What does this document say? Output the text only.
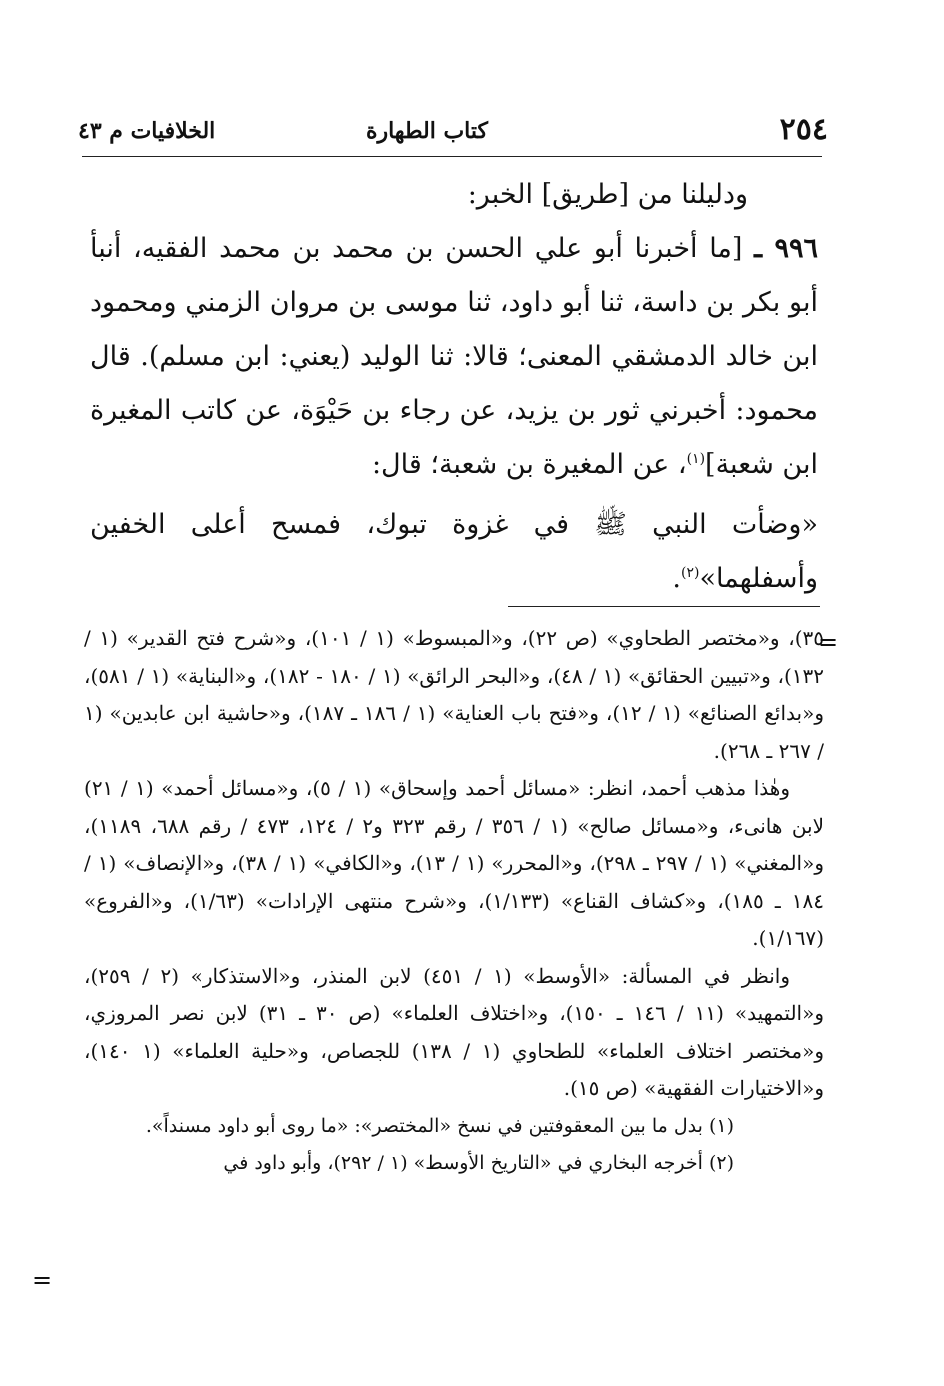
٢٥٤
كتاب الطهارة
الخلافيات م ٤٣

ودليلنا من [طريق] الخبر:

٩٩٦ ـ [ما أخبرنا أبو علي الحسن بن محمد بن محمد الفقيه، أنبأ أبو بكر بن داسة، ثنا أبو داود، ثنا موسى بن مروان الزمني ومحمود ابن خالد الدمشقي المعنى؛ قالا: ثنا الوليد (يعني: ابن مسلم). قال محمود: أخبرني ثور بن يزيد، عن رجاء بن حَيْوَة، عن كاتب المغيرة ابن شعبة]$^{(١)}$، عن المغيرة بن شعبة؛ قال:

«وضأت النبي ﷺ في غزوة تبوك، فمسح أعلى الخفين وأسفلهما»$^{(٢)}$.

=

٣٥)، و«مختصر الطحاوي» (ص ٢٢)، و«المبسوط» (١ / ١٠١)، و«شرح فتح القدير» (١ / ١٣٢)، و«تبيين الحقائق» (١ / ٤٨)، و«البحر الرائق» (١ / ١٨٠ - ١٨٢)، و«البناية» (١ / ٥٨١)، و«بدائع الصنائع» (١ / ١٢)، و«فتح باب العناية» (١ / ١٨٦ ـ ١٨٧)، و«حاشية ابن عابدين» (١ / ٢٦٧ ـ ٢٦٨).

وهٰذا مذهب أحمد، انظر: «مسائل أحمد وإسحاق» (١ / ٥)، و«مسائل أحمد» (١ / ٢١) لابن هانىء، و«مسائل صالح» (١ / ٣٥٦ / رقم ٣٢٣ و٢ / ١٢٤، ٤٧٣ / رقم ٦٨٨، ١١٨٩)، و«المغني» (١ / ٢٩٧ ـ ٢٩٨)، و«المحرر» (١ / ١٣)، و«الكافي» (١ / ٣٨)، و«الإنصاف» (١ / ١٨٤ ـ ١٨٥)، و«كشاف القناع» (١/١٣٣)، و«شرح منتهى الإرادات» (١/٦٣)، و«الفروع» (١/١٦٧).

وانظر في المسألة: «الأوسط» (١ / ٤٥١) لابن المنذر، و«الاستذكار» (٢ / ٢٥٩)، و«التمهيد» (١١ / ١٤٦ ـ ١٥٠)، و«اختلاف العلماء» (ص ٣٠ ـ ٣١) لابن نصر المروزي، و«مختصر اختلاف العلماء» للطحاوي (١ / ١٣٨) للجصاص، و«حلية العلماء» (١ ١٤٠)، و«الاختيارات الفقهية» (ص ١٥).

(١) بدل ما بين المعقوفتين في نسخ «المختصر»: «ما روى أبو داود مسنداً».

(٢) أخرجه البخاري في «التاريخ الأوسط» (١ / ٢٩٢)، وأبو داود في

=
